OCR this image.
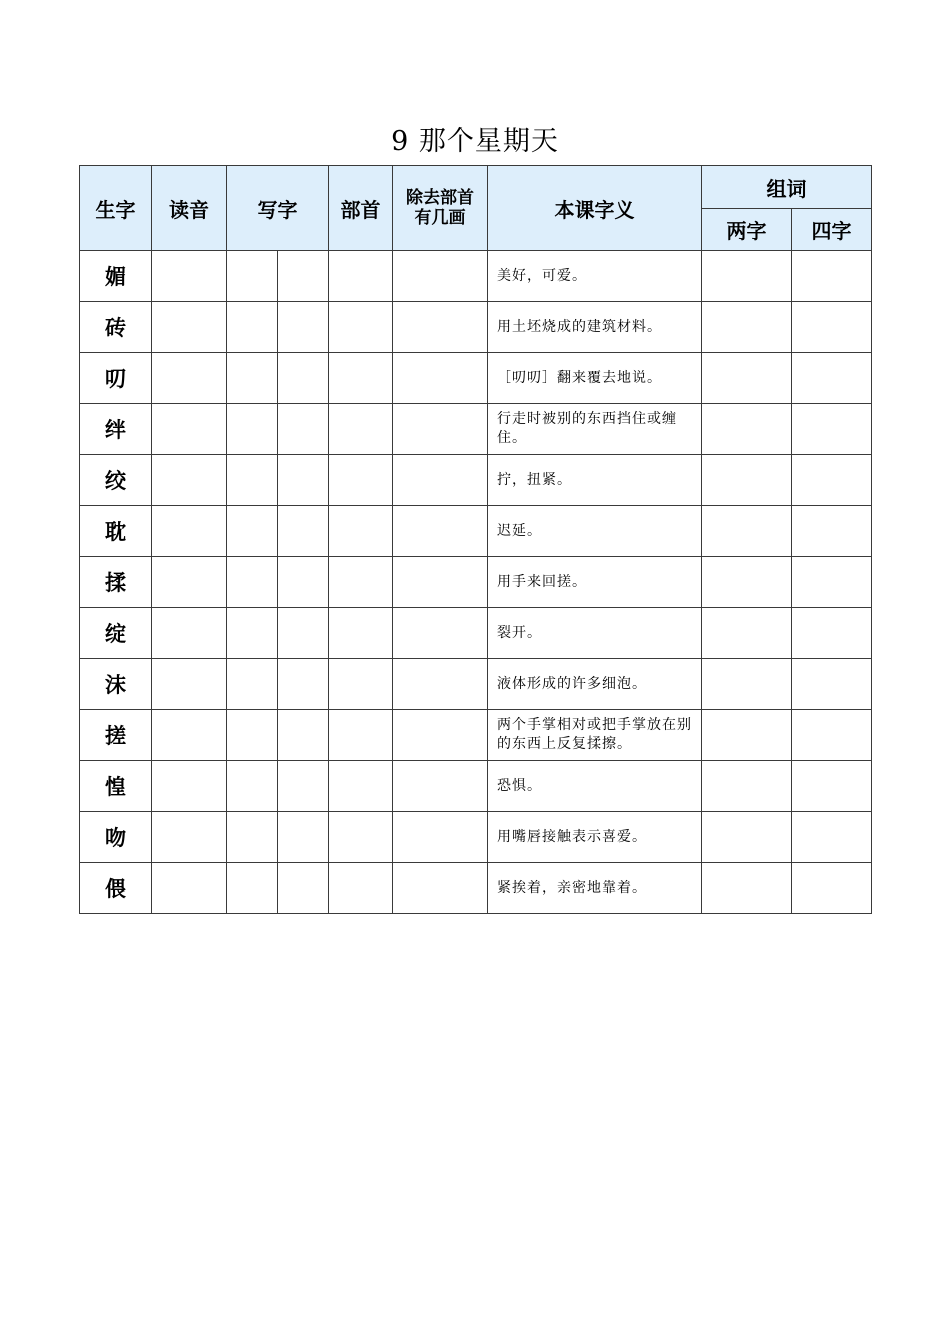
9 那个星期天
生字	读音	写字		部首	除去部首有几画	本课字义	组词	
							两字	四字
媚						美好，可爱。		
砖						用土坯烧成的建筑材料。		
叨						［叨叨］翻来覆去地说。		
绊						行走时被别的东西挡住或缠住。		
绞						拧，扭紧。		
耽						迟延。		
揉						用手来回搓。		
绽						裂开。		
沫						液体形成的许多细泡。		
搓						两个手掌相对或把手掌放在别的东西上反复揉擦。		
惶						恐惧。		
吻						用嘴唇接触表示喜爱。		
偎						紧挨着，亲密地靠着。		
